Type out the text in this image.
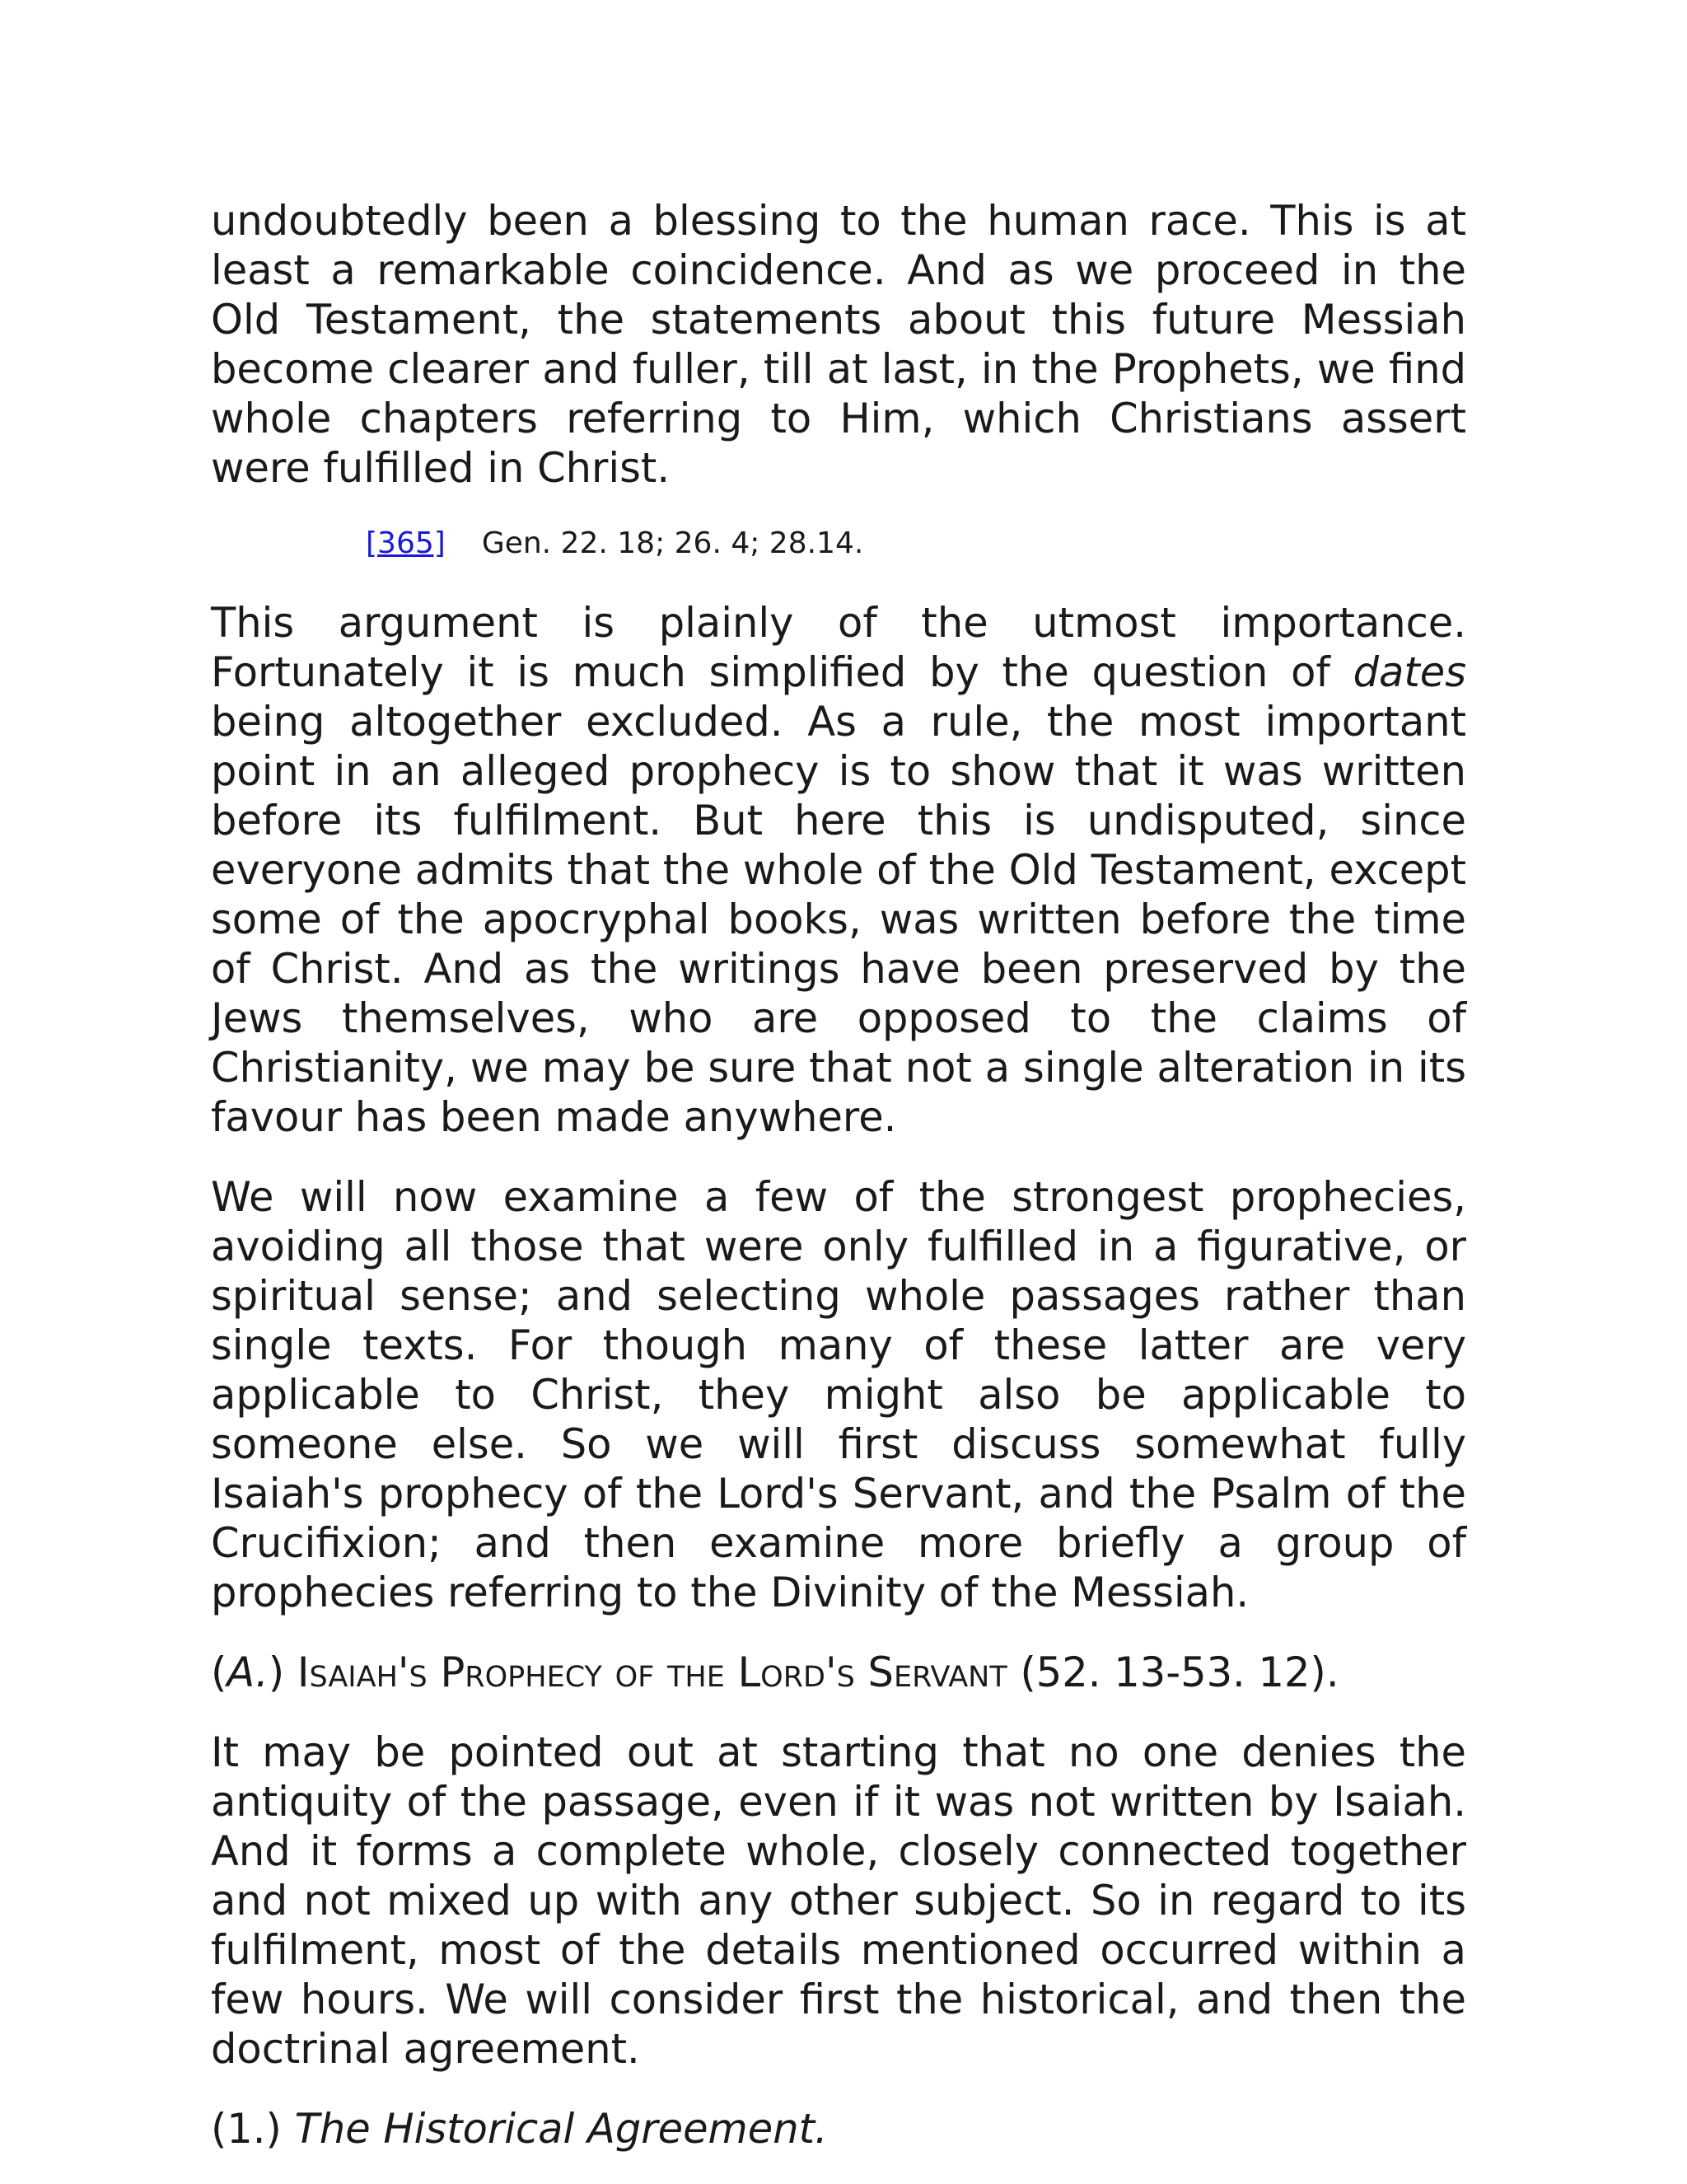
undoubtedly been a blessing to the human race. This is at least a remarkable coincidence. And as we proceed in the Old Testament, the statements about this future Messiah become clearer and fuller, till at last, in the Prophets, we find whole chapters referring to Him, which Christians assert were fulfilled in Christ.

[365] Gen. 22. 18; 26. 4; 28.14.

This argument is plainly of the utmost importance. Fortunately it is much simplified by the question of dates being altogether excluded. As a rule, the most important point in an alleged prophecy is to show that it was written before its fulfilment. But here this is undisputed, since everyone admits that the whole of the Old Testament, except some of the apocryphal books, was written before the time of Christ. And as the writings have been preserved by the Jews themselves, who are opposed to the claims of Christianity, we may be sure that not a single alteration in its favour has been made anywhere.

We will now examine a few of the strongest prophecies, avoiding all those that were only fulfilled in a figurative, or spiritual sense; and selecting whole passages rather than single texts. For though many of these latter are very applicable to Christ, they might also be applicable to someone else. So we will first discuss somewhat fully Isaiah's prophecy of the Lord's Servant, and the Psalm of the Crucifixion; and then examine more briefly a group of prophecies referring to the Divinity of the Messiah.

(A.) Isaiah's Prophecy of the Lord's Servant (52. 13-53. 12).

It may be pointed out at starting that no one denies the antiquity of the passage, even if it was not written by Isaiah. And it forms a complete whole, closely connected together and not mixed up with any other subject. So in regard to its fulfilment, most of the details mentioned occurred within a few hours. We will consider first the historical, and then the doctrinal agreement.

(1.) The Historical Agreement.
